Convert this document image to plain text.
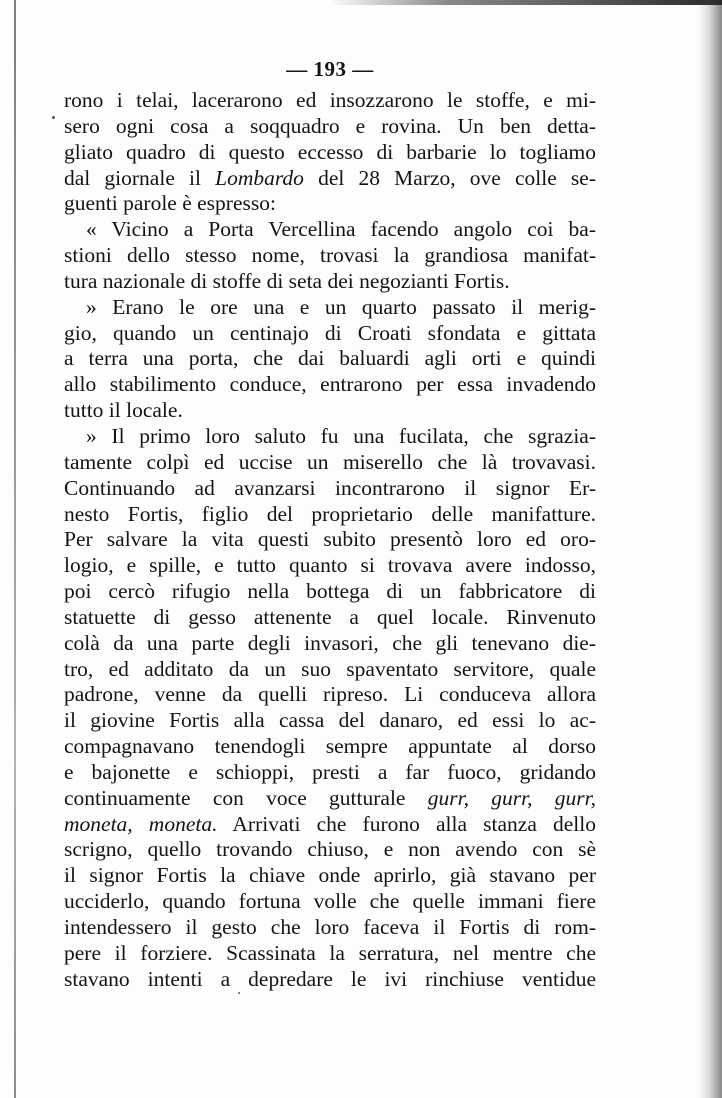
— 193 —
rono i telai, lacerarono ed insozzarono le stoffe, e mi-
sero ogni cosa a soqquadro e rovina. Un ben detta-
gliato quadro di questo eccesso di barbarie lo togliamo
dal giornale il Lombardo del 28 Marzo, ove colle se-
guenti parole è espresso:
« Vicino a Porta Vercellina facendo angolo coi ba-
stioni dello stesso nome, trovasi la grandiosa manifat-
tura nazionale di stoffe di seta dei negozianti Fortis.
» Erano le ore una e un quarto passato il merig-
gio, quando un centinajo di Croati sfondata e gittata
a terra una porta, che dai baluardi agli orti e quindi
allo stabilimento conduce, entrarono per essa invadendo
tutto il locale.
» Il primo loro saluto fu una fucilata, che sgrazia-
tamente colpì ed uccise un miserello che là trovavasi.
Continuando ad avanzarsi incontrarono il signor Er-
nesto Fortis, figlio del proprietario delle manifatture.
Per salvare la vita questi subito presentò loro ed oro-
logio, e spille, e tutto quanto si trovava avere indosso,
poi cercò rifugio nella bottega di un fabbricatore di
statuette di gesso attenente a quel locale. Rinvenuto
colà da una parte degli invasori, che gli tenevano die-
tro, ed additato da un suo spaventato servitore, quale
padrone, venne da quelli ripreso. Li conduceva allora
il giovine Fortis alla cassa del danaro, ed essi lo ac-
compagnavano tenendogli sempre appuntate al dorso
e bajonette e schioppi, presti a far fuoco, gridando
continuamente con voce gutturale gurr, gurr, gurr,
moneta, moneta. Arrivati che furono alla stanza dello
scrigno, quello trovando chiuso, e non avendo con sè
il signor Fortis la chiave onde aprirlo, già stavano per
ucciderlo, quando fortuna volle che quelle immani fiere
intendessero il gesto che loro faceva il Fortis di rom-
pere il forziere. Scassinata la serratura, nel mentre che
stavano intenti a depredare le ivi rinchiuse ventidue
